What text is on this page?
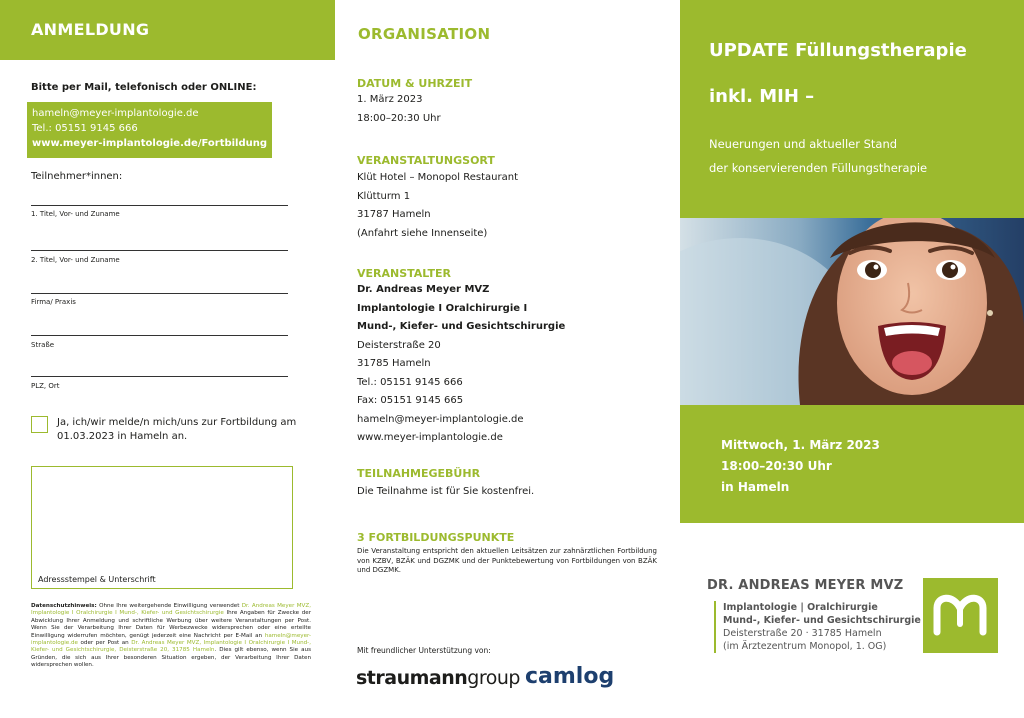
ANMELDUNG
Bitte per Mail, telefonisch oder ONLINE:
hameln@meyer-implantologie.de
Tel.: 05151 9145 666
www.meyer-implantologie.de/Fortbildung
Teilnehmer*innen:
1. Titel, Vor- und Zuname
2. Titel, Vor- und Zuname
Firma/ Praxis
Straße
PLZ, Ort
Ja, ich/wir melde/n mich/uns zur Fortbildung am 01.03.2023 in Hameln an.
Adressstempel & Unterschrift
Datenschutzhinweis: Ohne Ihre weitergehende Einwilligung verwendet Dr. Andreas Meyer MVZ, Implantologie I Oralchirurgie I Mund-, Kiefer- und Gesichtschirurgie Ihre Angaben für Zwecke der Abwicklung Ihrer Anmeldung und schriftliche Werbung über weitere Veranstaltungen per Post. Wenn Sie der Verarbeitung Ihrer Daten für Werbezwecke widersprechen oder eine erteilte Einwilligung widerrufen möchten, genügt jederzeit eine Nachricht per E-Mail an hameln@meyer-implantologie.de oder per Post an Dr. Andreas Meyer MVZ, Implantologie I Oralchirurgie I Mund-, Kiefer- und Gesichtschirurgie, Deisterstraße 20, 31785 Hameln. Dies gilt ebenso, wenn Sie aus Gründen, die sich aus Ihrer besonderen Situation ergeben, der Verarbeitung Ihrer Daten widersprechen wollen.
ORGANISATION
DATUM & UHRZEIT
1. März 2023
18:00–20:30 Uhr
VERANSTALTUNGSORT
Klüt Hotel – Monopol Restaurant
Klütturm 1
31787 Hameln
(Anfahrt siehe Innenseite)
VERANSTALTER
Dr. Andreas Meyer MVZ
Implantologie I Oralchirurgie I
Mund-, Kiefer- und Gesichtschirurgie
Deisterstraße 20
31785 Hameln
Tel.: 05151 9145 666
Fax: 05151 9145 665
hameln@meyer-implantologie.de
www.meyer-implantologie.de
TEILNAHMEGEBÜHR
Die Teilnahme ist für Sie kostenfrei.
3 FORTBILDUNGSPUNKTE
Die Veranstaltung entspricht den aktuellen Leitsätzen zur zahnärztlichen Fortbildung von KZBV, BZÄK und DGZMK und der Punktebewertung von Fortbildungen von BZÄK und DGZMK.
Mit freundlicher Unterstützung von:
straumanngroup camlog
UPDATE Füllungstherapie
inkl. MIH –
Neuerungen und aktueller Stand
der konservierenden Füllungstherapie
Mittwoch, 1. März 2023
18:00–20:30 Uhr
in Hameln
DR. ANDREAS MEYER MVZ
Implantologie | Oralchirurgie
Mund-, Kiefer- und Gesichtschirurgie
Deisterstraße 20 · 31785 Hameln
(im Ärztezentrum Monopol, 1. OG)
